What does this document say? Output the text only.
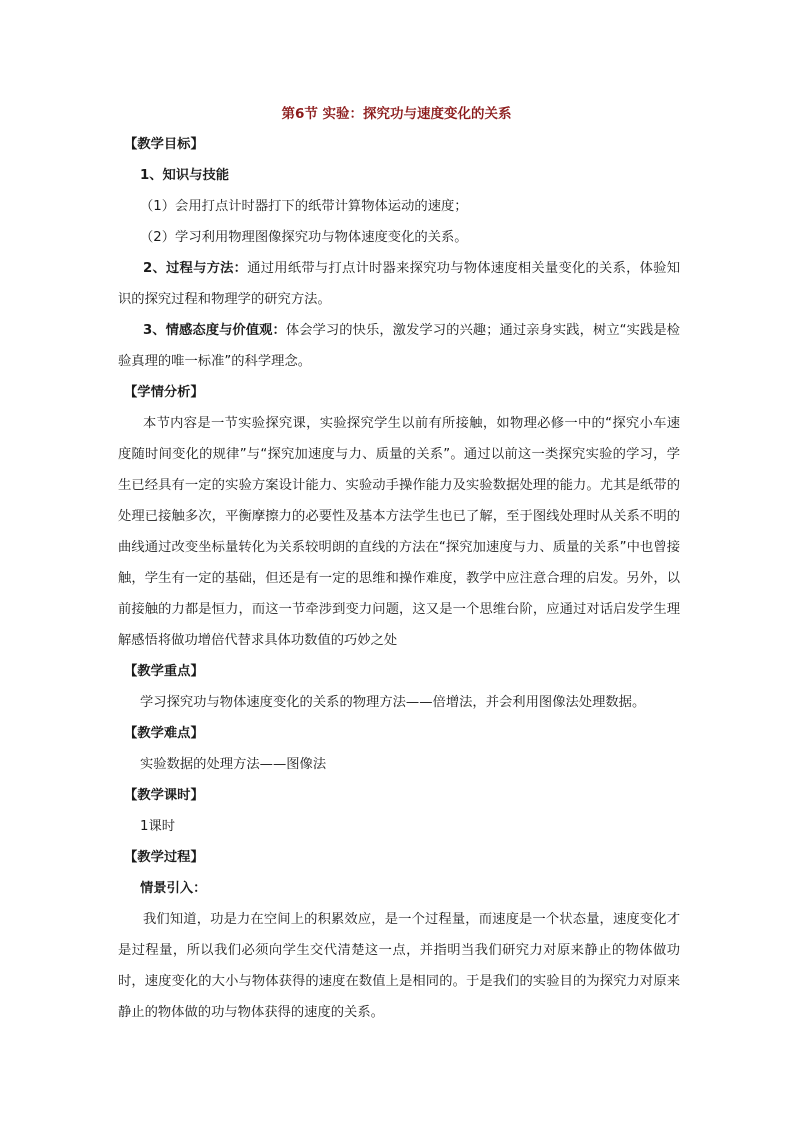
第6节 实验：探究功与速度变化的关系

【教学目标】

1、知识与技能

（1）会用打点计时器打下的纸带计算物体运动的速度；

（2）学习利用物理图像探究功与物体速度变化的关系。

2、过程与方法：通过用纸带与打点计时器来探究功与物体速度相关量变化的关系，体验知识的探究过程和物理学的研究方法。

3、情感态度与价值观：体会学习的快乐，激发学习的兴趣；通过亲身实践，树立“实践是检验真理的唯一标准”的科学理念。

【学情分析】

本节内容是一节实验探究课，实验探究学生以前有所接触，如物理必修一中的“探究小车速度随时间变化的规律”与“探究加速度与力、质量的关系”。通过以前这一类探究实验的学习，学生已经具有一定的实验方案设计能力、实验动手操作能力及实验数据处理的能力。尤其是纸带的处理已接触多次，平衡摩擦力的必要性及基本方法学生也已了解，至于图线处理时从关系不明的曲线通过改变坐标量转化为关系较明朗的直线的方法在“探究加速度与力、质量的关系”中也曾接触，学生有一定的基础，但还是有一定的思维和操作难度，教学中应注意合理的启发。另外，以前接触的力都是恒力，而这一节牵涉到变力问题，这又是一个思维台阶，应通过对话启发学生理解感悟将做功增倍代替求具体功数值的巧妙之处

【教学重点】

学习探究功与物体速度变化的关系的物理方法——倍增法，并会利用图像法处理数据。

【教学难点】

实验数据的处理方法——图像法

【教学课时】

1课时

【教学过程】

情景引入：

我们知道，功是力在空间上的积累效应，是一个过程量，而速度是一个状态量，速度变化才是过程量，所以我们必须向学生交代清楚这一点，并指明当我们研究力对原来静止的物体做功时，速度变化的大小与物体获得的速度在数值上是相同的。于是我们的实验目的为探究力对原来静止的物体做的功与物体获得的速度的关系。
